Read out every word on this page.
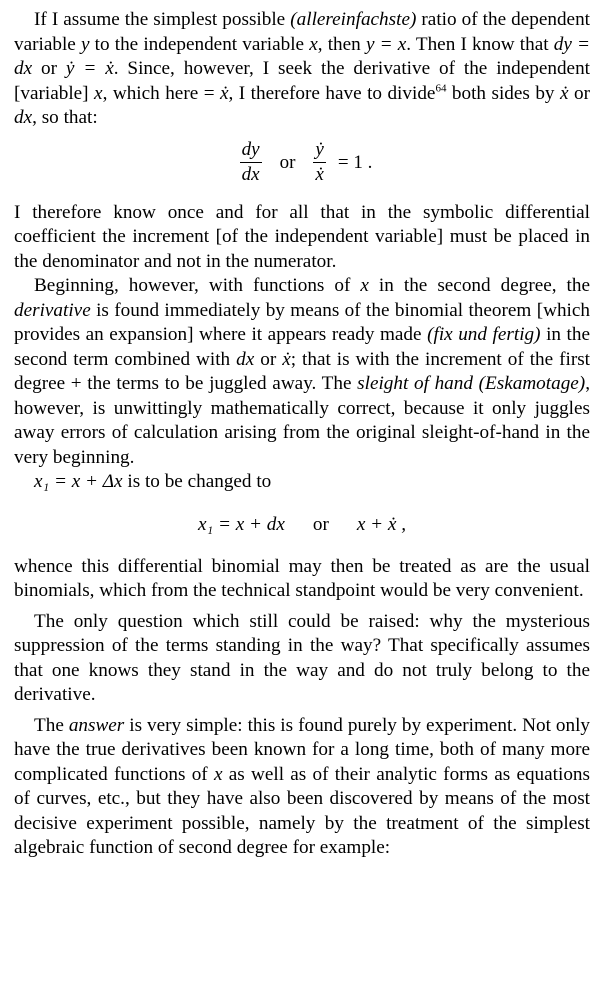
If I assume the simplest possible (allereinfachste) ratio of the dependent variable y to the independent variable x, then y = x. Then I know that dy = dx or ẏ = ẋ. Since, however, I seek the derivative of the independent [variable] x, which here = ẋ, I therefore have to divide$^{64}$ both sides by ẋ or dx, so that:

$\frac{dy}{dx}$ or $\frac{\text{ẏ}}{\text{ẋ}} = 1$ .

I therefore know once and for all that in the symbolic differential coefficient the increment [of the independent variable] must be placed in the denominator and not in the numerator.

Beginning, however, with functions of x in the second degree, the derivative is found immediately by means of the binomial theorem [which provides an expansion] where it appears ready made (fix und fertig) in the second term combined with dx or ẋ; that is with the increment of the first degree + the terms to be juggled away. The sleight of hand (Eskamotage), however, is unwittingly mathematically correct, because it only juggles away errors of calculation arising from the original sleight-of-hand in the very beginning.

x₁ = x + Δx is to be changed to

x₁ = x + dx or x + ẋ ,

whence this differential binomial may then be treated as are the usual binomials, which from the technical standpoint would be very convenient.

The only question which still could be raised: why the mysterious suppression of the terms standing in the way? That specifically assumes that one knows they stand in the way and do not truly belong to the derivative.

The answer is very simple: this is found purely by experiment. Not only have the true derivatives been known for a long time, both of many more complicated functions of x as well as of their analytic forms as equations of curves, etc., but they have also been discovered by means of the most decisive experiment possible, namely by the treatment of the simplest algebraic function of second degree for example:
